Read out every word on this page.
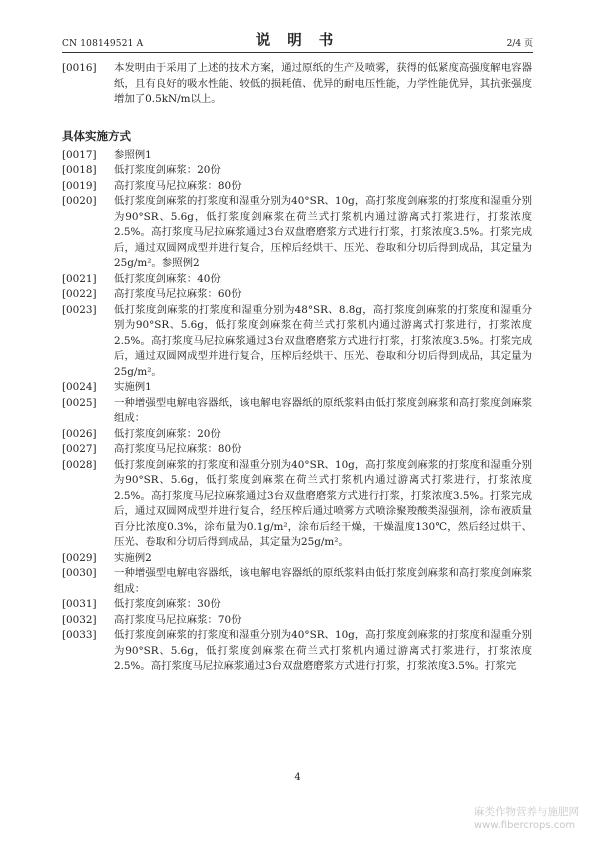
CN 108149521 A	说 明 书	2/4 页
[0016] 本发明由于采用了上述的技术方案，通过原纸的生产及喷雾，获得的低紧度高强度解电容器纸，且有良好的吸水性能、较低的损耗值、优异的耐电压性能，力学性能优异，其抗张强度增加了0.5kN/m以上。
具体实施方式
[0017] 参照例1
[0018] 低打浆度剑麻浆：20份
[0019] 高打浆度马尼拉麻浆：80份
[0020] 低打浆度剑麻浆的打浆度和湿重分别为40°SR、10g，高打浆度剑麻浆的打浆度和湿重分别为90°SR、5.6g，低打浆度剑麻浆在荷兰式打浆机内通过游离式打浆进行，打浆浓度2.5%。高打浆度马尼拉麻浆通过3台双盘磨磨浆方式进行打浆，打浆浓度3.5%。打浆完成后，通过双圆网成型并进行复合，压榨后经烘干、压光、卷取和分切后得到成品，其定量为25g/m²。参照例2
[0021] 低打浆度剑麻浆：40份
[0022] 高打浆度马尼拉麻浆：60份
[0023] 低打浆度剑麻浆的打浆度和湿重分别为48°SR、8.8g，高打浆度剑麻浆的打浆度和湿重分别为90°SR、5.6g，低打浆度剑麻浆在荷兰式打浆机内通过游离式打浆进行，打浆浓度2.5%。高打浆度马尼拉麻浆通过3台双盘磨磨浆方式进行打浆，打浆浓度3.5%。打浆完成后，通过双圆网成型并进行复合，压榨后经烘干、压光、卷取和分切后得到成品，其定量为25g/m²。
[0024] 实施例1
[0025] 一种增强型电解电容器纸，该电解电容器纸的原纸浆料由低打浆度剑麻浆和高打浆度剑麻浆组成：
[0026] 低打浆度剑麻浆：20份
[0027] 高打浆度马尼拉麻浆：80份
[0028] 低打浆度剑麻浆的打浆度和湿重分别为40°SR、10g，高打浆度剑麻浆的打浆度和湿重分别为90°SR、5.6g，低打浆度剑麻浆在荷兰式打浆机内通过游离式打浆进行，打浆浓度2.5%。高打浆度马尼拉麻浆通过3台双盘磨磨浆方式进行打浆，打浆浓度3.5%。打浆完成后，通过双圆网成型并进行复合，经压榨后通过喷雾方式喷涂聚羧酸类湿强剂，涂布液质量百分比浓度0.3%，涂布量为0.1g/m²，涂布后经干燥，干燥温度130℃，然后经过烘干、压光、卷取和分切后得到成品，其定量为25g/m²。
[0029] 实施例2
[0030] 一种增强型电解电容器纸，该电解电容器纸的原纸浆料由低打浆度剑麻浆和高打浆度剑麻浆组成：
[0031] 低打浆度剑麻浆：30份
[0032] 高打浆度马尼拉麻浆：70份
[0033] 低打浆度剑麻浆的打浆度和湿重分别为40°SR、10g，高打浆度剑麻浆的打浆度和湿重分别为90°SR、5.6g，低打浆度剑麻浆在荷兰式打浆机内通过游离式打浆进行，打浆浓度2.5%。高打浆度马尼拉麻浆通过3台双盘磨磨浆方式进行打浆，打浆浓度3.5%。打浆完
4
麻类作物营养与施肥网
www.fibercrops.com
